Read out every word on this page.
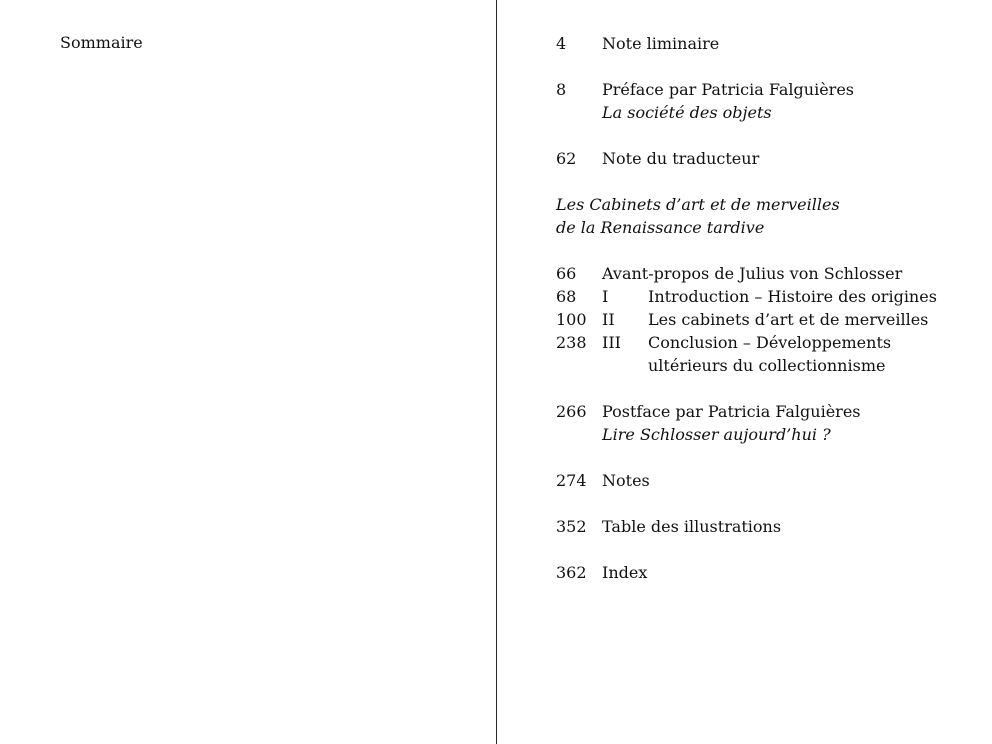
Sommaire	4 Note liminaire
8 Préface par Patricia Falguières
La société des objets
62 Note du traducteur
Les Cabinets d’art et de merveilles
de la Renaissance tardive
66 Avant-propos de Julius von Schlosser
68 I Introduction – Histoire des origines
100 II Les cabinets d’art et de merveilles
238 III Conclusion – Développements
ultérieurs du collectionnisme
266 Postface par Patricia Falguières
Lire Schlosser aujourd’hui ?
274 Notes
352 Table des illustrations
362 Index
